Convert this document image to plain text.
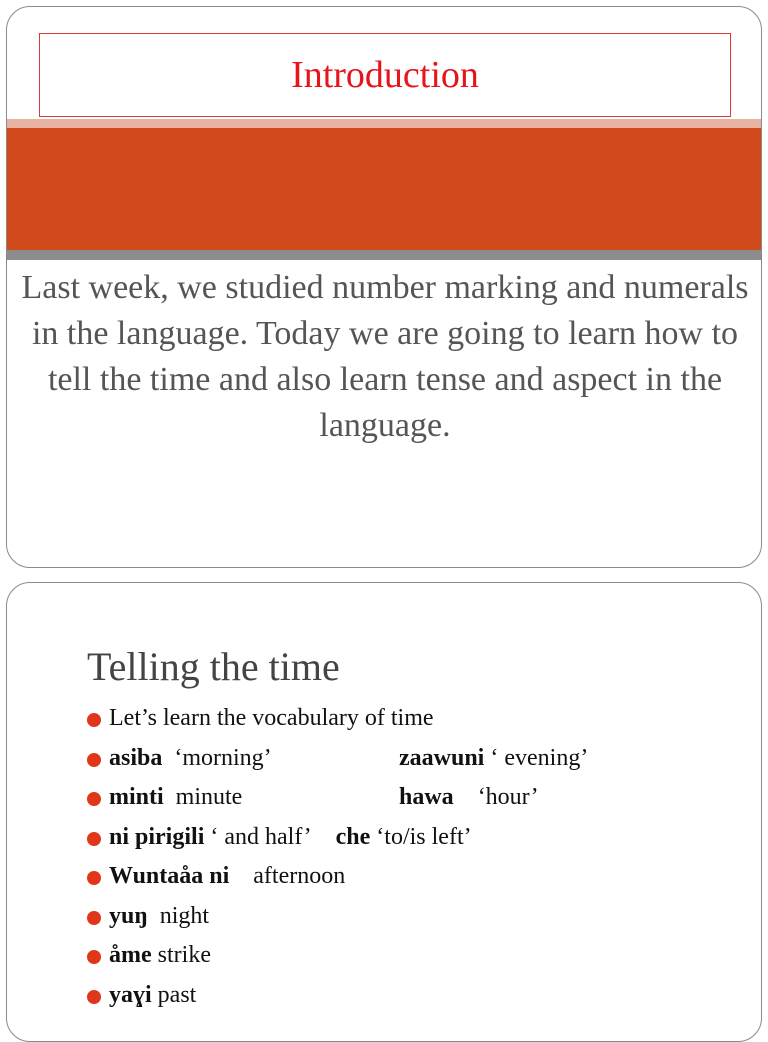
Introduction
Last week, we studied number marking and numerals in the language. Today we are going to learn how to tell the time and also learn tense and aspect in the language.
Telling the time
Let’s learn the vocabulary of time
asiba ‘morning’	zaawuni ‘ evening’
minti minute	hawa ‘hour’
ni pirigili ‘ and half’ che ‘to/is left’
Wuntaåa ni afternoon
yuŋ night
åme strike
yaɣi past
